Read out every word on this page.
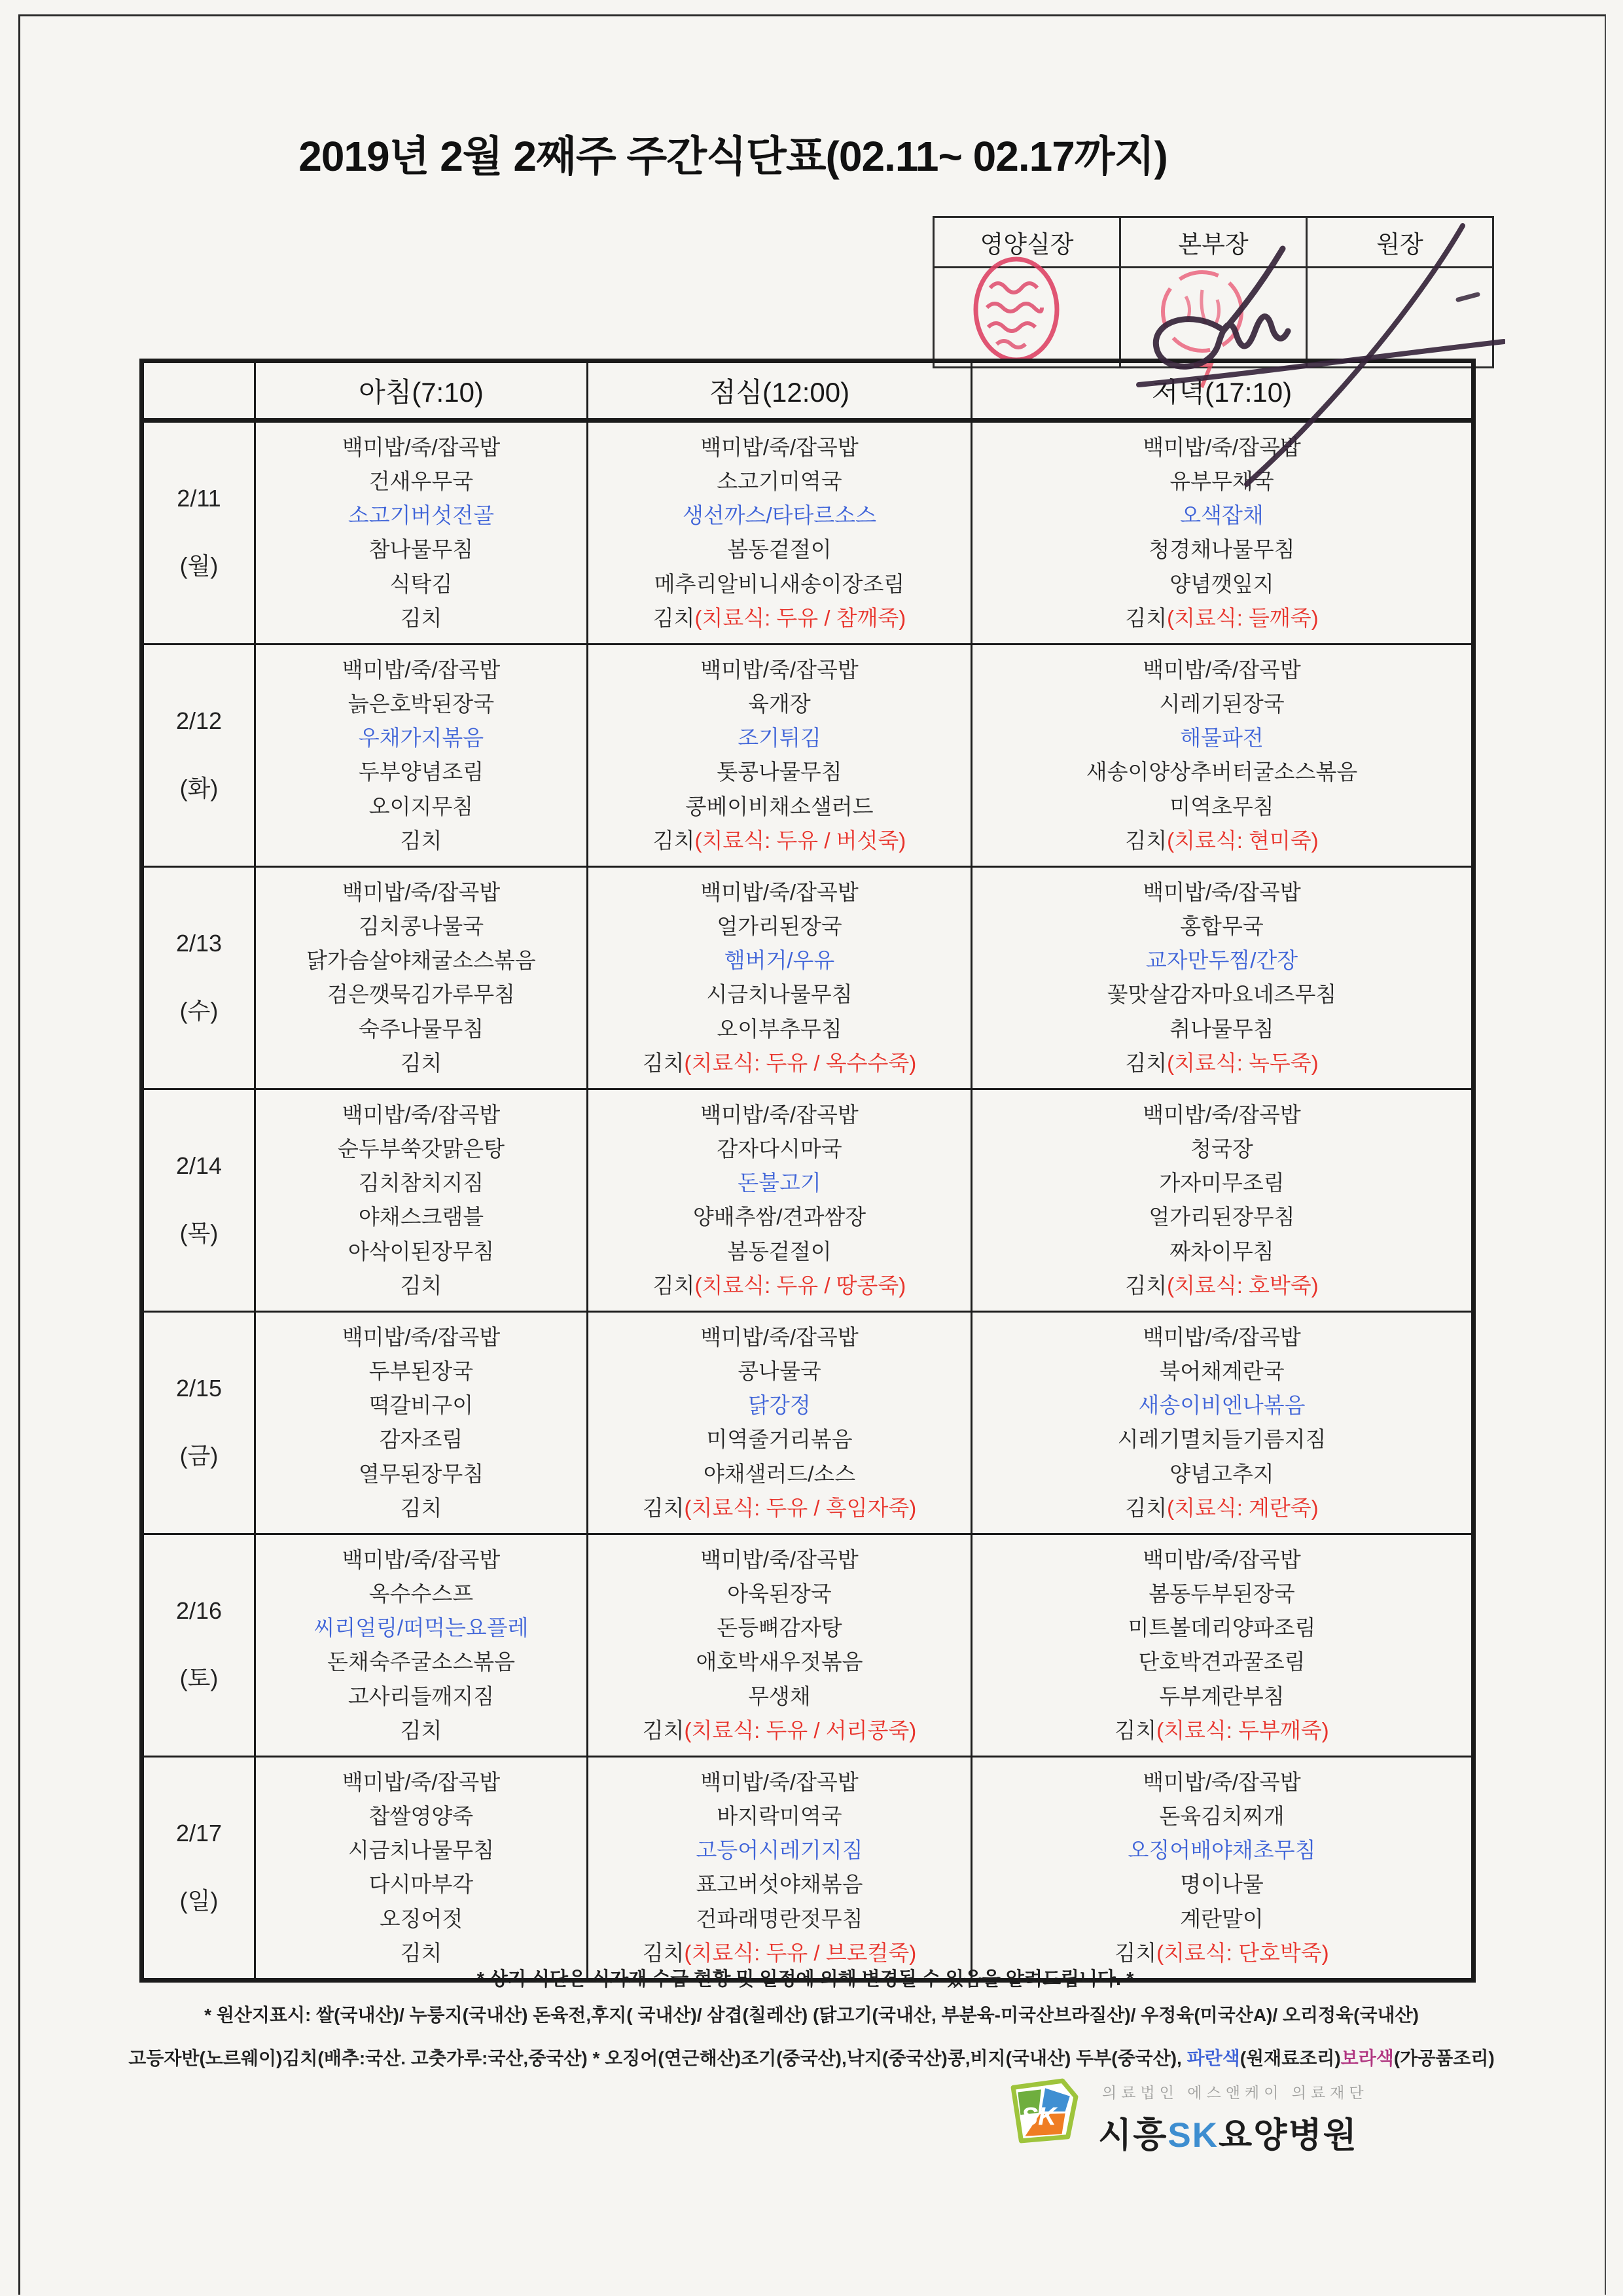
2019년 2월 2째주 주간식단표(02.11~ 02.17까지)
영양실장	본부장	원장

	아침(7:10)	점심(12:00)	저녁(17:10)

2/11
(월)

백미밥/죽/잡곡밥
건새우무국
소고기버섯전골
참나물무침
식탁김
김치

백미밥/죽/잡곡밥
소고기미역국
생선까스/타타르소스
봄동겉절이
메추리알비니새송이장조림
김치(치료식: 두유 / 참깨죽)

백미밥/죽/잡곡밥
유부무채국
오색잡채
청경채나물무침
양념깻잎지
김치(치료식: 들깨죽)

2/12
(화)

백미밥/죽/잡곡밥
늙은호박된장국
우채가지볶음
두부양념조림
오이지무침
김치

백미밥/죽/잡곡밥
육개장
조기튀김
톳콩나물무침
콩베이비채소샐러드
김치(치료식: 두유 / 버섯죽)

백미밥/죽/잡곡밥
시레기된장국
해물파전
새송이양상추버터굴소스볶음
미역초무침
김치(치료식: 현미죽)

2/13
(수)

백미밥/죽/잡곡밥
김치콩나물국
닭가슴살야채굴소스볶음
검은깻묵김가루무침
숙주나물무침
김치

백미밥/죽/잡곡밥
얼가리된장국
햄버거/우유
시금치나물무침
오이부추무침
김치(치료식: 두유 / 옥수수죽)

백미밥/죽/잡곡밥
홍합무국
교자만두찜/간장
꽃맛살감자마요네즈무침
취나물무침
김치(치료식: 녹두죽)

2/14
(목)

백미밥/죽/잡곡밥
순두부쑥갓맑은탕
김치참치지짐
야채스크램블
아삭이된장무침
김치

백미밥/죽/잡곡밥
감자다시마국
돈불고기
양배추쌈/견과쌈장
봄동겉절이
김치(치료식: 두유 / 땅콩죽)

백미밥/죽/잡곡밥
청국장
가자미무조림
얼가리된장무침
짜차이무침
김치(치료식: 호박죽)

2/15
(금)

백미밥/죽/잡곡밥
두부된장국
떡갈비구이
감자조림
열무된장무침
김치

백미밥/죽/잡곡밥
콩나물국
닭강정
미역줄거리볶음
야채샐러드/소스
김치(치료식: 두유 / 흑임자죽)

백미밥/죽/잡곡밥
북어채계란국
새송이비엔나볶음
시레기멸치들기름지짐
양념고추지
김치(치료식: 계란죽)

2/16
(토)

백미밥/죽/잡곡밥
옥수수스프
씨리얼링/떠먹는요플레
돈채숙주굴소스볶음
고사리들깨지짐
김치

백미밥/죽/잡곡밥
아욱된장국
돈등뼈감자탕
애호박새우젓볶음
무생채
김치(치료식: 두유 / 서리콩죽)

백미밥/죽/잡곡밥
봄동두부된장국
미트볼데리양파조림
단호박견과꿀조림
두부계란부침
김치(치료식: 두부깨죽)

2/17
(일)

백미밥/죽/잡곡밥
찹쌀영양죽
시금치나물무침
다시마부각
오징어젓
김치

백미밥/죽/잡곡밥
바지락미역국
고등어시레기지짐
표고버섯야채볶음
건파래명란젓무침
김치(치료식: 두유 / 브로컬죽)

백미밥/죽/잡곡밥
돈육김치찌개
오징어배야채초무침
명이나물
계란말이
김치(치료식: 단호박죽)
* 상기 식단은 식자재 수급 현황 및 일정에 의해 변경될 수 있음을 알려드립니다. *
* 원산지표시: 쌀(국내산)/ 누룽지(국내산) 돈육전,후지( 국내산)/ 삼겹(칠레산) (닭고기(국내산, 부분육-미국산브라질산)/ 우정육(미국산A)/ 오리정육(국내산)
고등자반(노르웨이)김치(배추:국산. 고춧가루:국산,중국산) * 오징어(연근해산)조기(중국산),낙지(중국산)콩,비지(국내산) 두부(중국산), 파란색(원재료조리)보라색(가공품조리)
SK
의료법인 에스앤케이 의료재단
시흥SK요양병원
